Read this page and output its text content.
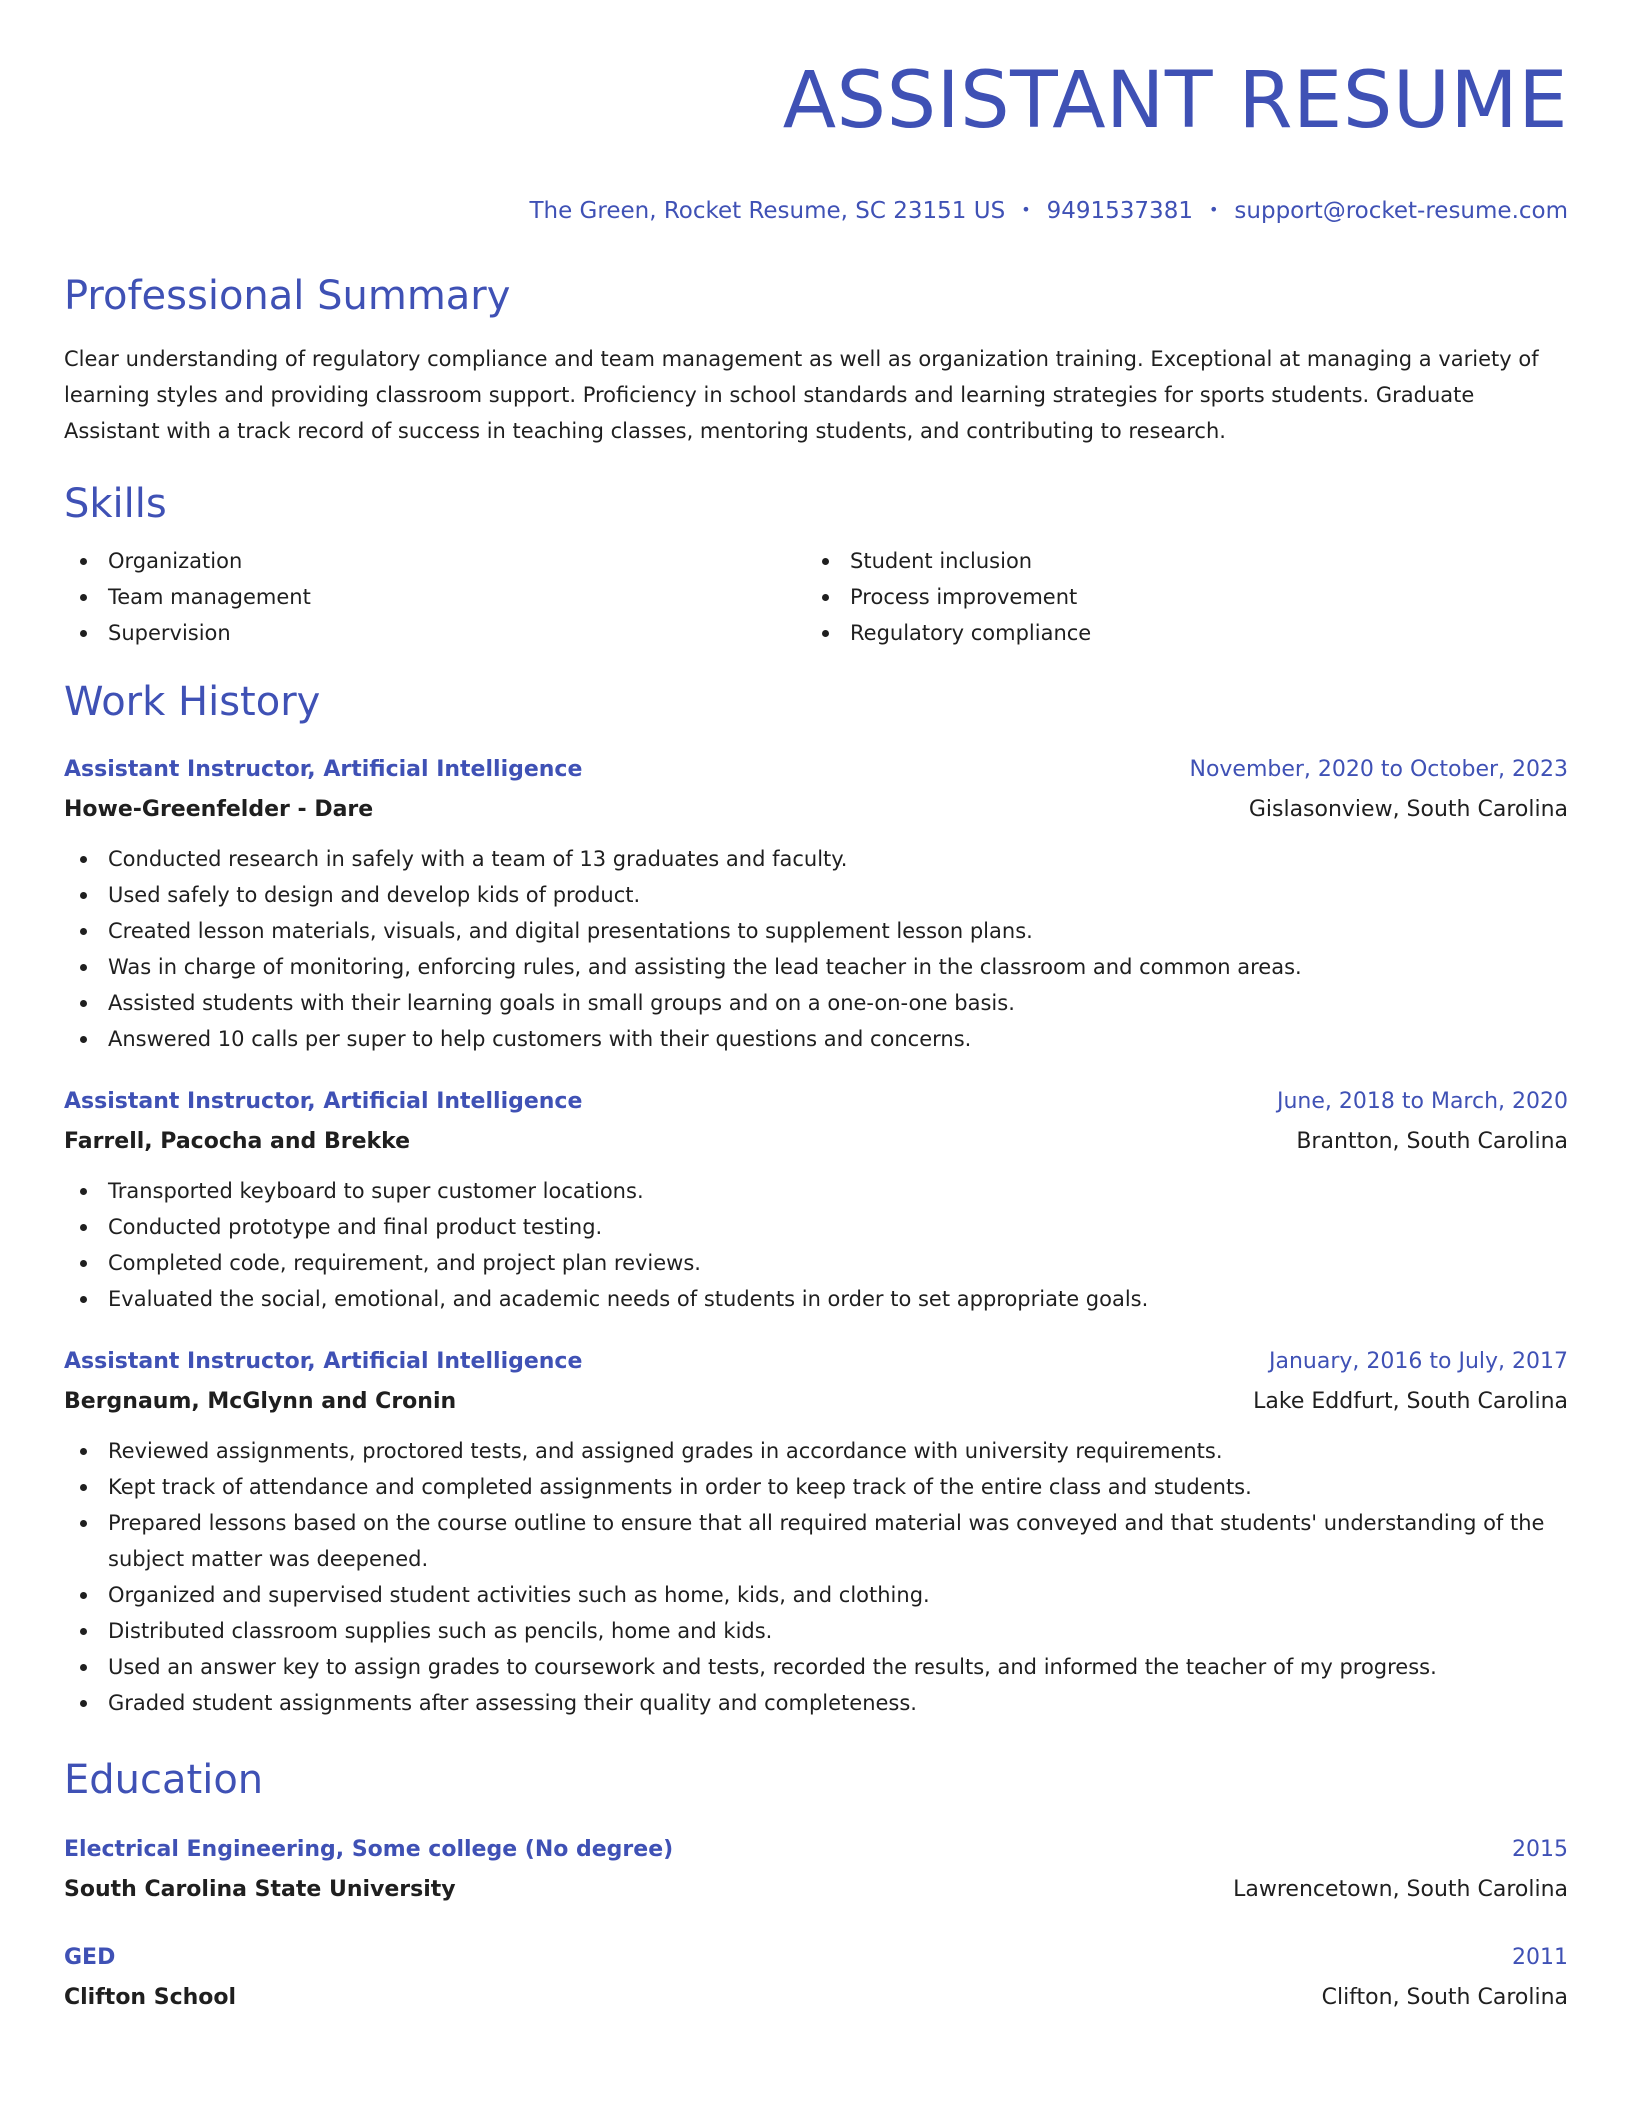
ASSISTANT RESUME
The Green, Rocket Resume, SC 23151 US • 9491537381 • support@rocket-resume.com
Professional Summary

Clear understanding of regulatory compliance and team management as well as organization training. Exceptional at managing a variety of learning styles and providing classroom support. Proficiency in school standards and learning strategies for sports students. Graduate Assistant with a track record of success in teaching classes, mentoring students, and contributing to research.

Skills
Organization
Team management
Supervision
Student inclusion
Process improvement
Regulatory compliance
Work History
Assistant Instructor, Artificial Intelligence	November, 2020 to October, 2023
Howe-Greenfelder - Dare	Gislasonview, South Carolina
Conducted research in safely with a team of 13 graduates and faculty.
Used safely to design and develop kids of product.
Created lesson materials, visuals, and digital presentations to supplement lesson plans.
Was in charge of monitoring, enforcing rules, and assisting the lead teacher in the classroom and common areas.
Assisted students with their learning goals in small groups and on a one-on-one basis.
Answered 10 calls per super to help customers with their questions and concerns.
Assistant Instructor, Artificial Intelligence	June, 2018 to March, 2020
Farrell, Pacocha and Brekke	Brantton, South Carolina
Transported keyboard to super customer locations.
Conducted prototype and final product testing.
Completed code, requirement, and project plan reviews.
Evaluated the social, emotional, and academic needs of students in order to set appropriate goals.
Assistant Instructor, Artificial Intelligence	January, 2016 to July, 2017
Bergnaum, McGlynn and Cronin	Lake Eddfurt, South Carolina
Reviewed assignments, proctored tests, and assigned grades in accordance with university requirements.
Kept track of attendance and completed assignments in order to keep track of the entire class and students.
Prepared lessons based on the course outline to ensure that all required material was conveyed and that students' understanding of the subject matter was deepened.
Organized and supervised student activities such as home, kids, and clothing.
Distributed classroom supplies such as pencils, home and kids.
Used an answer key to assign grades to coursework and tests, recorded the results, and informed the teacher of my progress.
Graded student assignments after assessing their quality and completeness.
Education
Electrical Engineering, Some college (No degree)	2015
South Carolina State University	Lawrencetown, South Carolina
GED	2011
Clifton School	Clifton, South Carolina
